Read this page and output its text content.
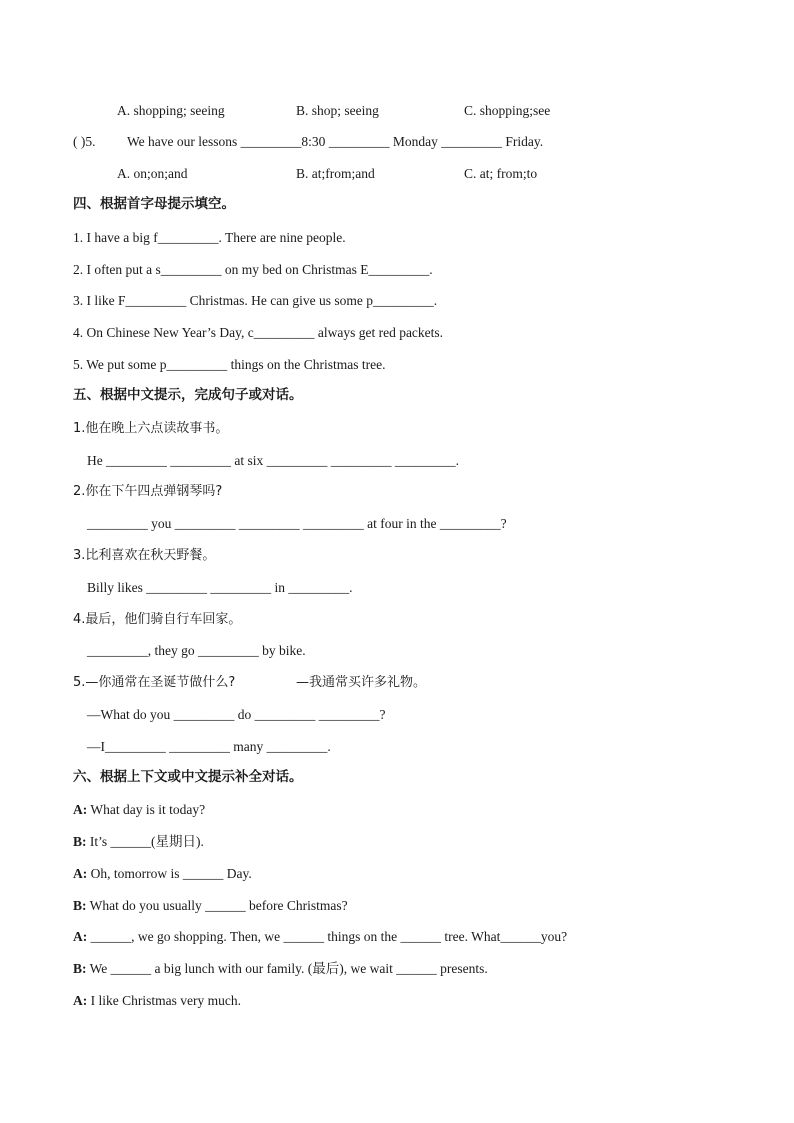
A. shopping; seeing	B. shop; seeing	C. shopping;see
( )5. We have our lessons _________8:30 _________ Monday _________ Friday.
A. on;on;and	B. at;from;and	C. at; from;to
四、根据首字母提示填空。
1. I have a big f_________. There are nine people.
2. I often put a s_________ on my bed on Christmas E_________.
3. I like F_________ Christmas. He can give us some p_________.
4. On Chinese New Year’s Day, c_________ always get red packets.
5. We put some p_________ things on the Christmas tree.
五、根据中文提示，完成句子或对话。
1.他在晚上六点读故事书。
He _________ _________ at six _________ _________ _________.
2.你在下午四点弹钢琴吗?
_________ you _________ _________ _________ at four in the _________?
3.比利喜欢在秋天野餐。
Billy likes _________ _________ in _________.
4.最后，他们骑自行车回家。
_________, they go _________ by bike.
5.—你通常在圣诞节做什么?	—我通常买许多礼物。
—What do you _________ do _________ _________?
—I_________ _________ many _________.
六、根据上下文或中文提示补全对话。
A: What day is it today?
B: It’s ______(星期日).
A: Oh, tomorrow is ______ Day.
B: What do you usually ______ before Christmas?
A: ______, we go shopping. Then, we ______ things on the ______ tree. What______you?
B: We ______ a big lunch with our family. (最后), we wait ______ presents.
A: I like Christmas very much.
